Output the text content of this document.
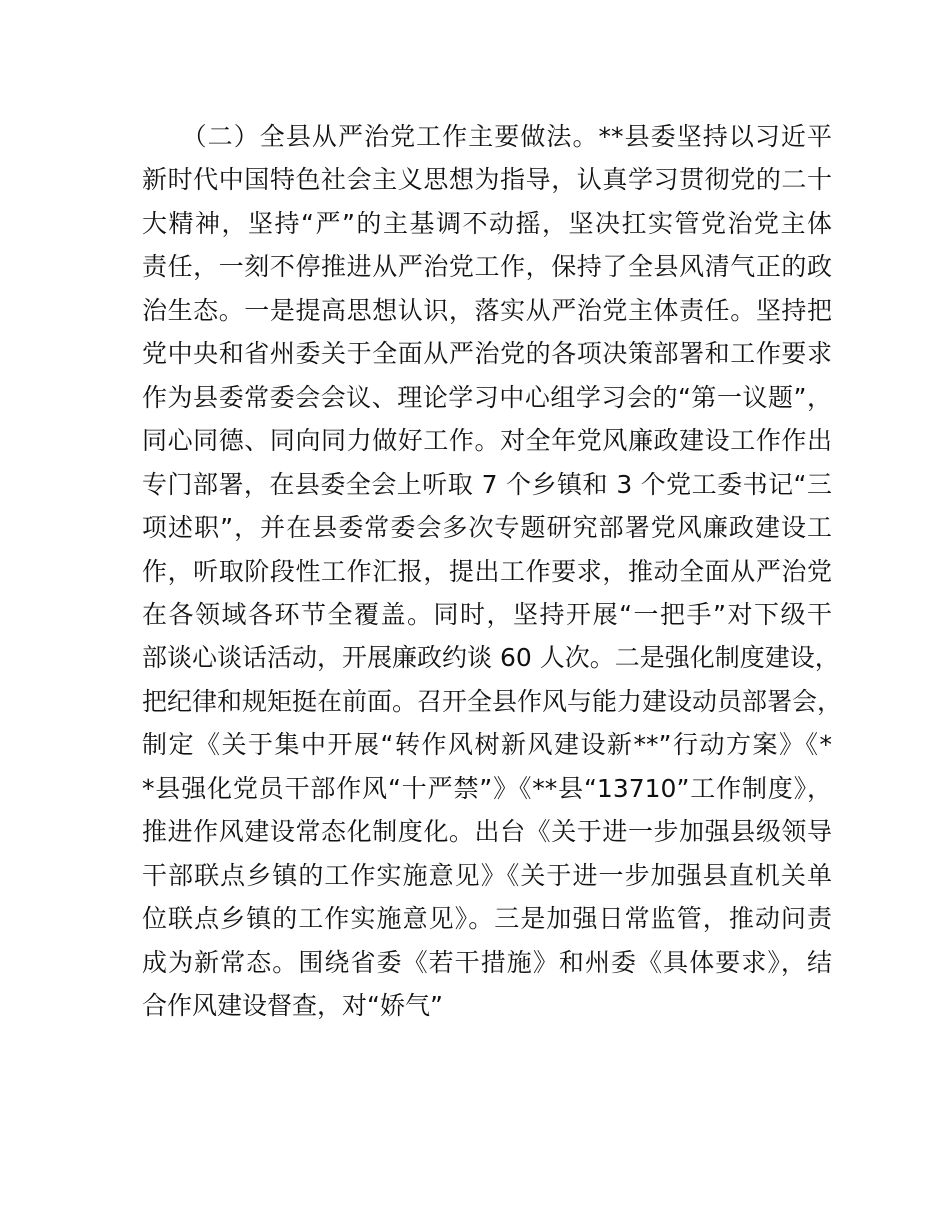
　　（二）全县从严治党工作主要做法。**县委坚持以习近平
新时代中国特色社会主义思想为指导，认真学习贯彻党的二十
大精神，坚持“严”的主基调不动摇，坚决扛实管党治党主体
责任，一刻不停推进从严治党工作，保持了全县风清气正的政
治生态。一是提高思想认识，落实从严治党主体责任。坚持把
党中央和省州委关于全面从严治党的各项决策部署和工作要求
作为县委常委会会议、理论学习中心组学习会的“第一议题”，
同心同德、同向同力做好工作。对全年党风廉政建设工作作出
专门部署，在县委全会上听取 7 个乡镇和 3 个党工委书记“三
项述职”，并在县委常委会多次专题研究部署党风廉政建设工
作，听取阶段性工作汇报，提出工作要求，推动全面从严治党
在各领域各环节全覆盖。同时，坚持开展“一把手”对下级干
部谈心谈话活动，开展廉政约谈 60 人次。二是强化制度建设，
把纪律和规矩挺在前面。召开全县作风与能力建设动员部署会，
制定《关于集中开展“转作风树新风建设新**”行动方案》《*
*县强化党员干部作风“十严禁”》《**县“13710”工作制度》，
推进作风建设常态化制度化。出台《关于进一步加强县级领导
干部联点乡镇的工作实施意见》《关于进一步加强县直机关单
位联点乡镇的工作实施意见》。三是加强日常监管，推动问责
成为新常态。围绕省委《若干措施》和州委《具体要求》，结
合作风建设督查，对“娇气”
